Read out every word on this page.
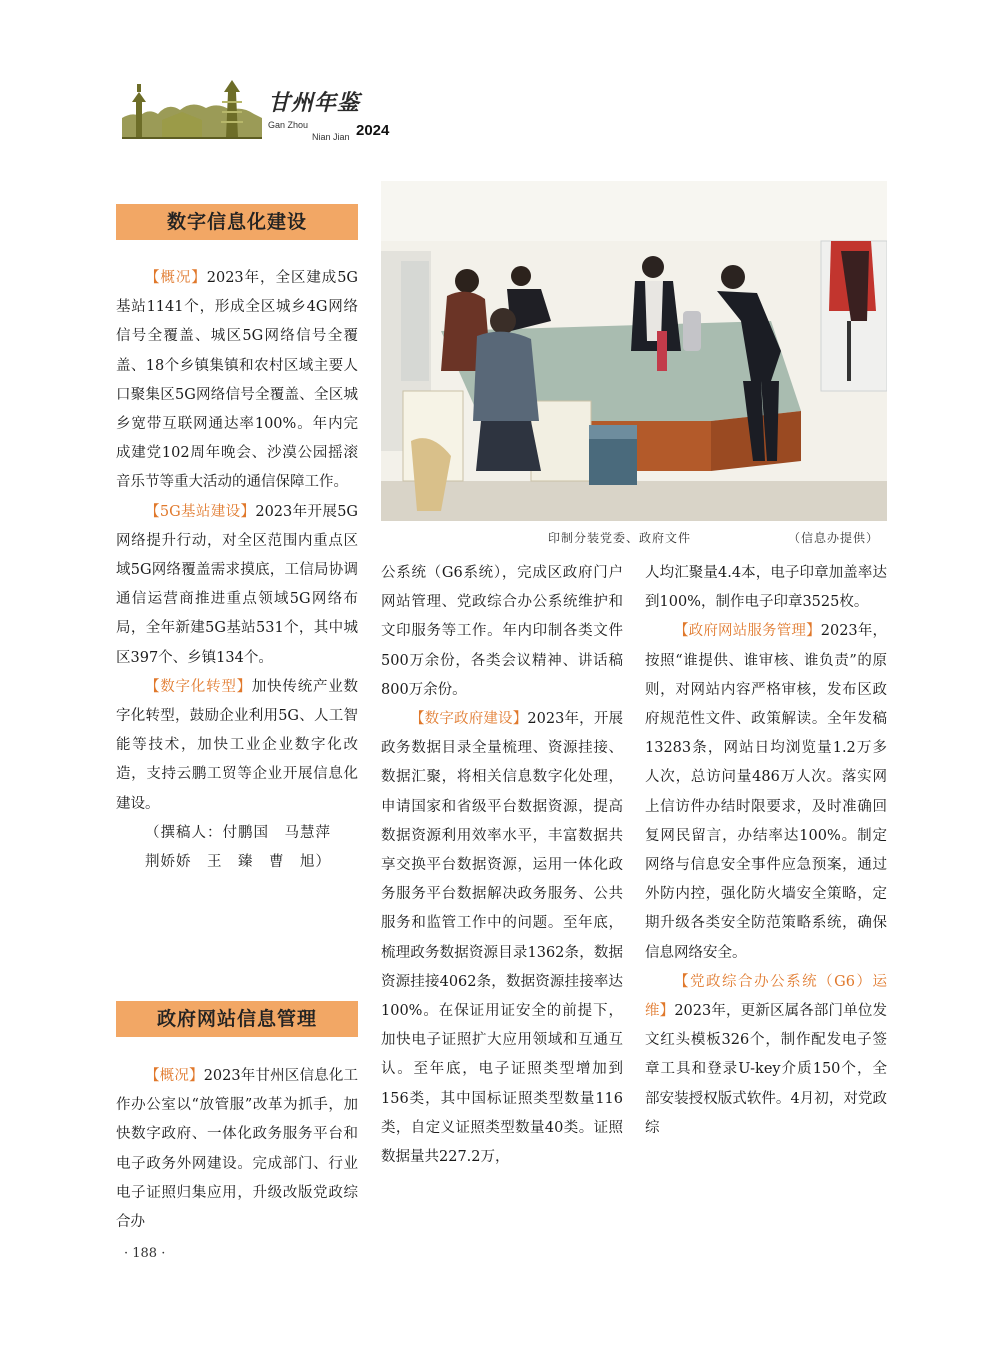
甘州年鉴
Gan Zhou
Nian Jian 2024
数字信息化建设

【概况】2023年，全区建成5G基站1141个，形成全区城乡4G网络信号全覆盖、城区5G网络信号全覆盖、18个乡镇集镇和农村区域主要人口聚集区5G网络信号全覆盖、全区城乡宽带互联网通达率100%。年内完成建党102周年晚会、沙漠公园摇滚音乐节等重大活动的通信保障工作。

【5G基站建设】2023年开展5G网络提升行动，对全区范围内重点区域5G网络覆盖需求摸底，工信局协调通信运营商推进重点领域5G网络布局，全年新建5G基站531个，其中城区397个、乡镇134个。

【数字化转型】加快传统产业数字化转型，鼓励企业利用5G、人工智能等技术，加快工业企业数字化改造，支持云鹏工贸等企业开展信息化建设。

（撰稿人：付鹏国　马慧萍

荆娇娇　王　臻　曹　旭）

政府网站信息管理

【概况】2023年甘州区信息化工作办公室以“放管服”改革为抓手，加快数字政府、一体化政务服务平台和电子政务外网建设。完成部门、行业电子证照归集应用，升级改版党政综合办

印制分装党委、政府文件	（信息办提供）

公系统（G6系统），完成区政府门户网站管理、党政综合办公系统维护和文印服务等工作。年内印制各类文件500万余份，各类会议精神、讲话稿800万余份。

【数字政府建设】2023年，开展政务数据目录全量梳理、资源挂接、数据汇聚，将相关信息数字化处理，申请国家和省级平台数据资源，提高数据资源利用效率水平，丰富数据共享交换平台数据资源，运用一体化政务服务平台数据解决政务服务、公共服务和监管工作中的问题。至年底，梳理政务数据资源目录1362条，数据资源挂接4062条，数据资源挂接率达100%。在保证用证安全的前提下，加快电子证照扩大应用领域和互通互认。至年底，电子证照类型增加到156类，其中国标证照类型数量116类，自定义证照类型数量40类。证照数据量共227.2万，

人均汇聚量4.4本，电子印章加盖率达到100%，制作电子印章3525枚。

【政府网站服务管理】2023年，按照“谁提供、谁审核、谁负责”的原则，对网站内容严格审核，发布区政府规范性文件、政策解读。全年发稿13283条，网站日均浏览量1.2万多人次，总访问量486万人次。落实网上信访件办结时限要求，及时准确回复网民留言，办结率达100%。制定网络与信息安全事件应急预案，通过外防内控，强化防火墙安全策略，定期升级各类安全防范策略系统，确保信息网络安全。

【党政综合办公系统（G6）运维】2023年，更新区属各部门单位发文红头模板326个，制作配发电子签章工具和登录U-key介质150个，全部安装授权版式软件。4月初，对党政综

· 188 ·
